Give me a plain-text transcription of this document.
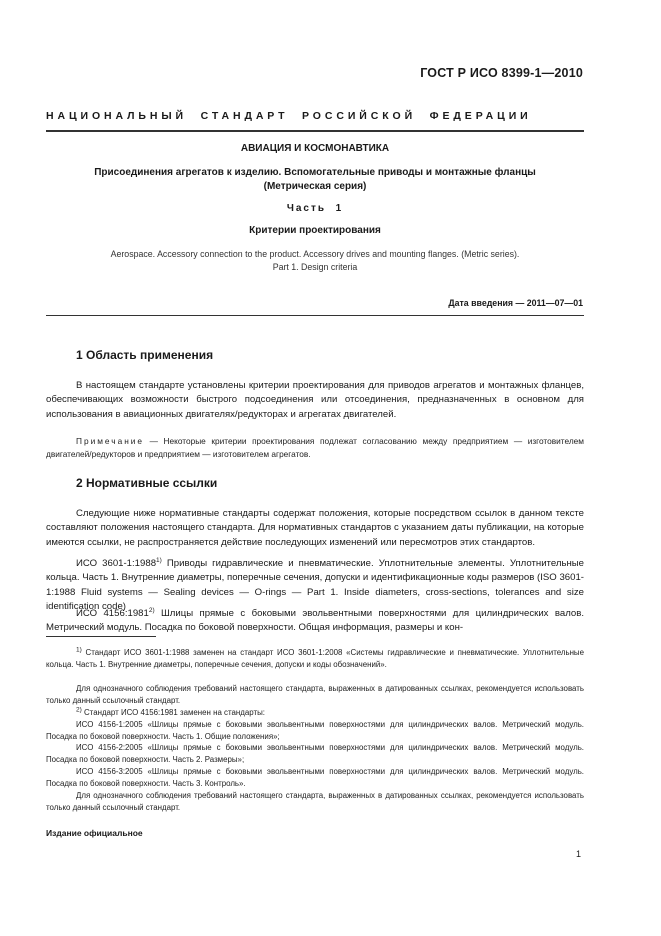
ГОСТ Р ИСО 8399-1—2010
НАЦИОНАЛЬНЫЙ  СТАНДАРТ  РОССИЙСКОЙ  ФЕДЕРАЦИИ
АВИАЦИЯ И КОСМОНАВТИКА
Присоединения агрегатов к изделию. Вспомогательные приводы и монтажные фланцы
(Метрическая серия)
Часть 1
Критерии проектирования
Aerospace. Accessory connection to the product. Accessory drives and mounting flanges. (Metric series).
Part 1. Design criteria
Дата введения — 2011—07—01
1 Область применения

В настоящем стандарте установлены критерии проектирования для приводов агрегатов и монтажных фланцев, обеспечивающих возможности быстрого подсоединения или отсоединения, предназначенных в основном для использования в авиационных двигателях/редукторах и агрегатах двигателей.

Примечание — Некоторые критерии проектирования подлежат согласованию между предприятием — изготовителем двигателей/редукторов и предприятием — изготовителем агрегатов.

2 Нормативные ссылки

Следующие ниже нормативные стандарты содержат положения, которые посредством ссылок в данном тексте составляют положения настоящего стандарта. Для нормативных стандартов с указанием даты публикации, на которые имеются ссылки, не распространяется действие последующих изменений или пересмотров этих стандартов.

ИСО 3601-1:1988$^{1)}$ Приводы гидравлические и пневматические. Уплотнительные элементы. Уплотнительные кольца. Часть 1. Внутренние диаметры, поперечные сечения, допуски и идентификационные коды размеров (ISO 3601-1:1988 Fluid systems — Sealing devices — O-rings — Part 1. Inside diameters, cross-sections, tolerances and size identification code)

ИСО 4156:1981$^{2)}$ Шлицы прямые с боковыми эвольвентными поверхностями для цилиндрических валов. Метрический модуль. Посадка по боковой поверхности. Общая информация, размеры и кон-

$^{1)}$ Стандарт ИСО 3601-1:1988 заменен на стандарт ИСО 3601-1:2008 «Системы гидравлические и пневматические. Уплотнительные кольца. Часть 1. Внутренние диаметры, поперечные сечения, допуски и коды обозначений».

Для однозначного соблюдения требований настоящего стандарта, выраженных в датированных ссылках, рекомендуется использовать только данный ссылочный стандарт.

$^{2)}$ Стандарт ИСО 4156:1981 заменен на стандарты:

ИСО 4156-1:2005 «Шлицы прямые с боковыми эвольвентными поверхностями для цилиндрических валов. Метрический модуль. Посадка по боковой поверхности. Часть 1. Общие положения»;

ИСО 4156-2:2005 «Шлицы прямые с боковыми эвольвентными поверхностями для цилиндрических валов. Метрический модуль. Посадка по боковой поверхности. Часть 2. Размеры»;

ИСО 4156-3:2005 «Шлицы прямые с боковыми эвольвентными поверхностями для цилиндрических валов. Метрический модуль. Посадка по боковой поверхности. Часть 3. Контроль».

Для однозначного соблюдения требований настоящего стандарта, выраженных в датированных ссылках, рекомендуется использовать только данный ссылочный стандарт.

Издание официальное
1
